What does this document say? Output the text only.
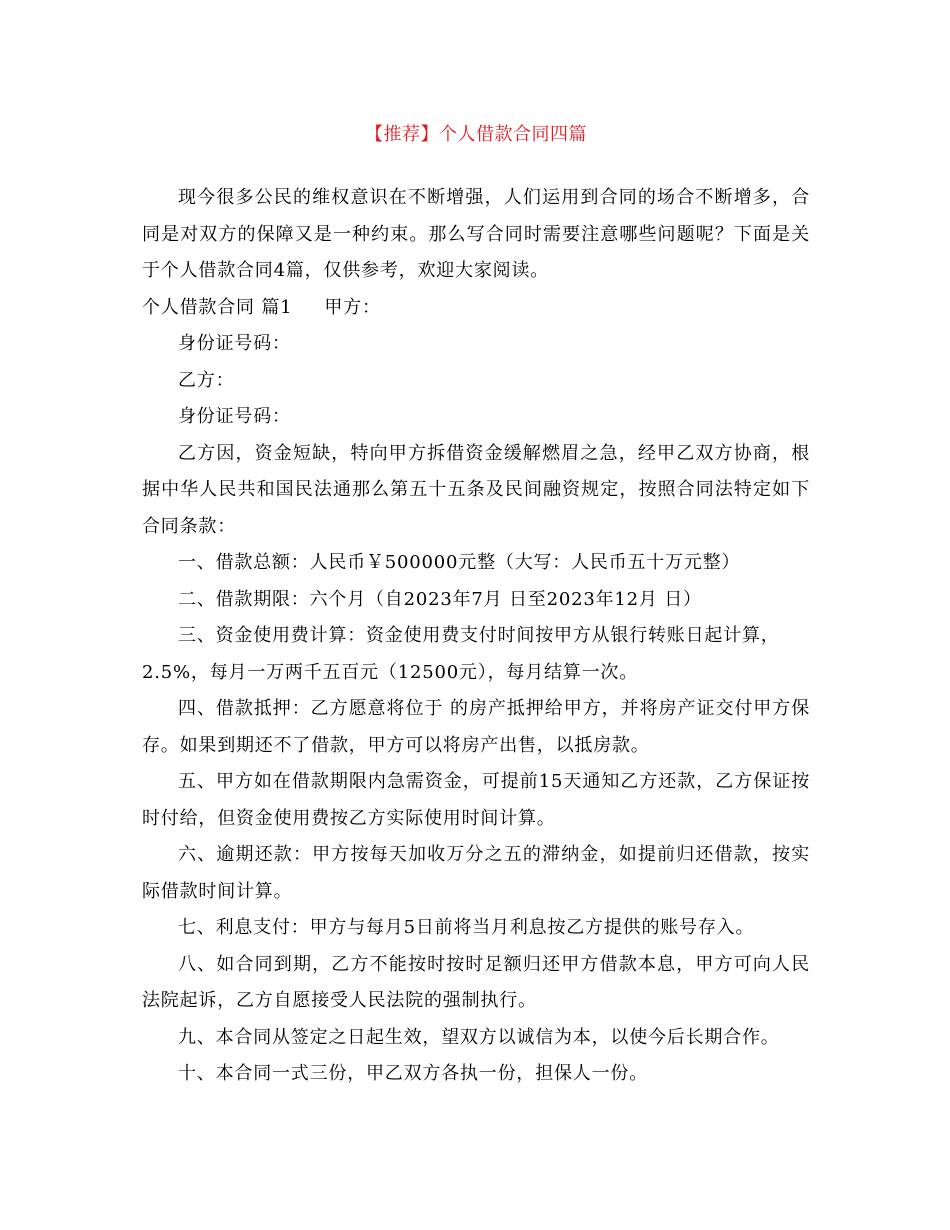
【推荐】个人借款合同四篇

现今很多公民的维权意识在不断增强，人们运用到合同的场合不断增多，合同是对双方的保障又是一种约束。那么写合同时需要注意哪些问题呢？下面是关于个人借款合同4篇，仅供参考，欢迎大家阅读。

个人借款合同 篇1 甲方：

身份证号码：

乙方：

身份证号码：

乙方因，资金短缺，特向甲方拆借资金缓解燃眉之急，经甲乙双方协商，根据中华人民共和国民法通那么第五十五条及民间融资规定，按照合同法特定如下合同条款：

一、借款总额：人民币￥500000元整（大写：人民币五十万元整）

二、借款期限：六个月（自2023年7月 日至2023年12月 日）

三、资金使用费计算：资金使用费支付时间按甲方从银行转账日起计算，

2.5%，每月一万两千五百元（12500元），每月结算一次。

四、借款抵押：乙方愿意将位于 的房产抵押给甲方，并将房产证交付甲方保存。如果到期还不了借款，甲方可以将房产出售，以抵房款。

五、甲方如在借款期限内急需资金，可提前15天通知乙方还款，乙方保证按时付给，但资金使用费按乙方实际使用时间计算。

六、逾期还款：甲方按每天加收万分之五的滞纳金，如提前归还借款，按实际借款时间计算。

七、利息支付：甲方与每月5日前将当月利息按乙方提供的账号存入。

八、如合同到期，乙方不能按时按时足额归还甲方借款本息，甲方可向人民法院起诉，乙方自愿接受人民法院的强制执行。

九、本合同从签定之日起生效，望双方以诚信为本，以使今后长期合作。

十、本合同一式三份，甲乙双方各执一份，担保人一份。
